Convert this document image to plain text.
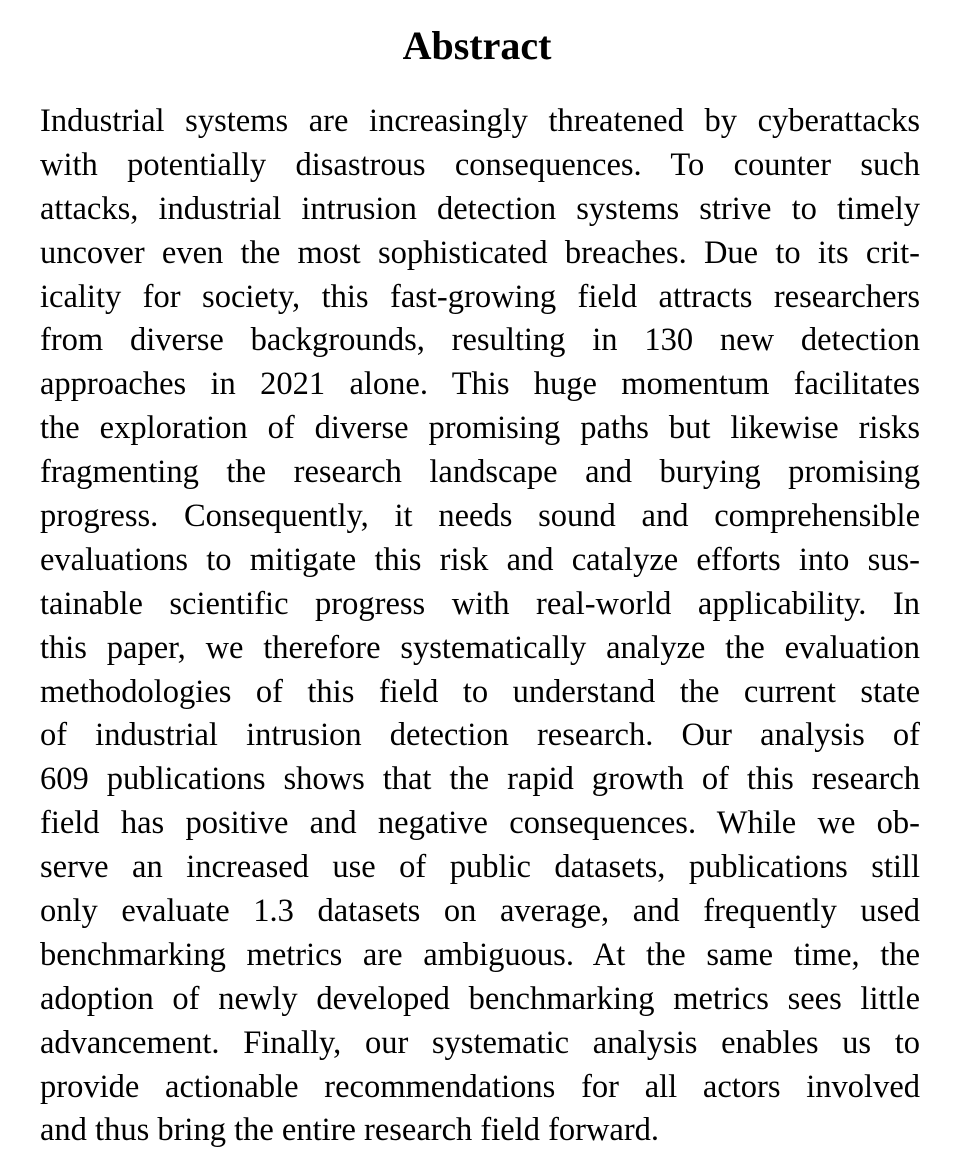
Abstract

Industrial systems are increasingly threatened by cyberattacks
with potentially disastrous consequences. To counter such
attacks, industrial intrusion detection systems strive to timely
uncover even the most sophisticated breaches. Due to its crit-
icality for society, this fast-growing field attracts researchers
from diverse backgrounds, resulting in 130 new detection
approaches in 2021 alone. This huge momentum facilitates
the exploration of diverse promising paths but likewise risks
fragmenting the research landscape and burying promising
progress. Consequently, it needs sound and comprehensible
evaluations to mitigate this risk and catalyze efforts into sus-
tainable scientific progress with real-world applicability. In
this paper, we therefore systematically analyze the evaluation
methodologies of this field to understand the current state
of industrial intrusion detection research. Our analysis of
609 publications shows that the rapid growth of this research
field has positive and negative consequences. While we ob-
serve an increased use of public datasets, publications still
only evaluate 1.3 datasets on average, and frequently used
benchmarking metrics are ambiguous. At the same time, the
adoption of newly developed benchmarking metrics sees little
advancement. Finally, our systematic analysis enables us to
provide actionable recommendations for all actors involved
and thus bring the entire research field forward.
